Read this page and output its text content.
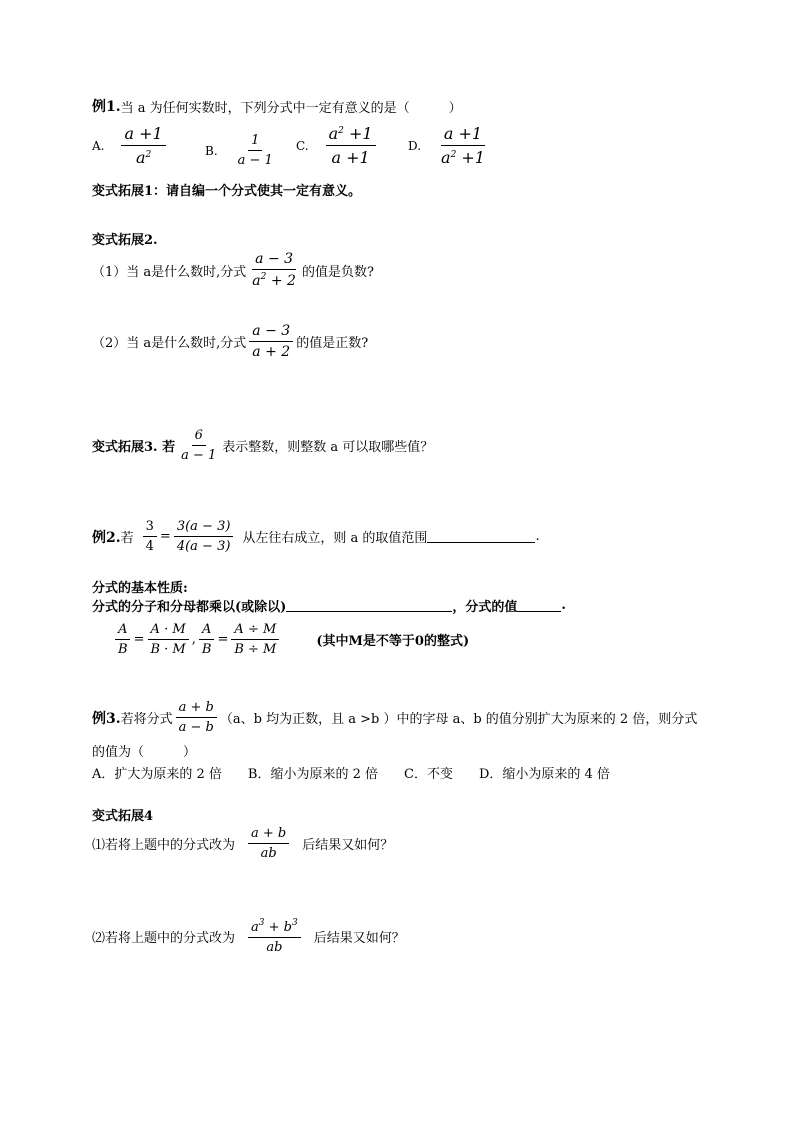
例1. 当 a 为任何实数时，下列分式中一定有意义的是（　　　）
A. $\frac{a +1}{a^2}$	B. $\frac{1}{a - 1} C$. $\frac{a^2 +1}{a +1}$	D. $\frac{a +1}{a^2 +1}$
变式拓展1：请自编一个分式使其一定有意义。
变式拓展2.
（1）当 a是什么数时,分式 $\frac{a - 3}{a^2 + 2}$ 的值是负数?
（2）当 a是什么数时,分式 $\frac{a - 3}{a + 2}$ 的值是正数?
变式拓展3. 若 $\frac{6}{a - 1}$ 表示整数，则整数 a 可以取哪些值？
例2. 若 $\frac{3}{4} = \frac{3(a - 3)}{4(a - 3)}$ 从左往右成立，则 a 的取值范围	.
分式的基本性质:
分式的分子和分母都乘以(或除以)	，分式的值	.
$\frac{A}{B} = \frac{A \cdot M}{B \cdot M}$ , $\frac{A}{B} = \frac{A \div M}{B \div M}$	(其中M是不等于0的整式)
例3. 若将分式 $\frac{a + b}{a - b} (a$、b 均为正数，且 a >b ）中的字母 a、b 的值分别扩大为原来的 2 倍，则分式
的值为（　　　）
A．扩大为原来的 2 倍　　B．缩小为原来的 2 倍　　C．不变　　D．缩小为原来的 4 倍
变式拓展4
⑴若将上题中的分式改为 $\frac{a + b}{ab}$ 后结果又如何？
⑵若将上题中的分式改为 $\frac{a^3 + b^3}{ab}$ 后结果又如何？
